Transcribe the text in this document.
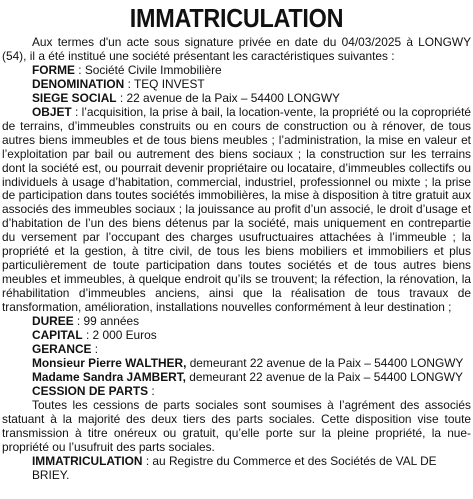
IMMATRICULATION

Aux termes d'un acte sous signature privée en date du 04/03/2025 à LONGWY (54), il a été institué une société présentant les caractéristiques suivantes :

FORME : Société Civile Immobilière

DENOMINATION : TEQ INVEST

SIEGE SOCIAL : 22 avenue de la Paix – 54400 LONGWY

OBJET : l’acquisition, la prise à bail, la location-vente, la propriété ou la copropriété de terrains, d’immeubles construits ou en cours de construction ou à rénover, de tous autres biens immeubles et de tous biens meubles ; l’administration, la mise en valeur et l’exploitation par bail ou autrement des biens sociaux ; la construction sur les terrains dont la société est, ou pourrait devenir propriétaire ou locataire, d’immeubles collectifs ou individuels à usage d’habitation, commercial, industriel, professionnel ou mixte ; la prise de participation dans toutes sociétés immobilières, la mise à disposition à titre gratuit aux associés des immeubles sociaux ; la jouissance au profit d’un associé, le droit d’usage et d’habitation de l’un des biens détenus par la société, mais uniquement en contrepartie du versement par l’occupant des charges usufructuaires attachées à l’immeuble ; la propriété et la gestion, à titre civil, de tous les biens mobiliers et immobiliers et plus particulièrement de toute participation dans toutes sociétés et de tous autres biens meubles et immeubles, à quelque endroit qu’ils se trouvent; la réfection, la rénovation, la réhabilitation d’immeubles anciens, ainsi que la réalisation de tous travaux de transformation, amélioration, installations nouvelles conformément à leur destination ;

DUREE : 99 années

CAPITAL : 2 000 Euros

GERANCE :

Monsieur Pierre WALTHER, demeurant 22 avenue de la Paix – 54400 LONGWY

Madame Sandra JAMBERT, demeurant 22 avenue de la Paix – 54400 LONGWY

CESSION DE PARTS :

Toutes les cessions de parts sociales sont soumises à l’agrément des associés statuant à la majorité des deux tiers des parts sociales. Cette disposition vise toute transmission à titre onéreux ou gratuit, qu’elle porte sur la pleine propriété, la nue-propriété ou l’usufruit des parts sociales.

IMMATRICULATION : au Registre du Commerce et des Sociétés de VAL DE BRIEY.
